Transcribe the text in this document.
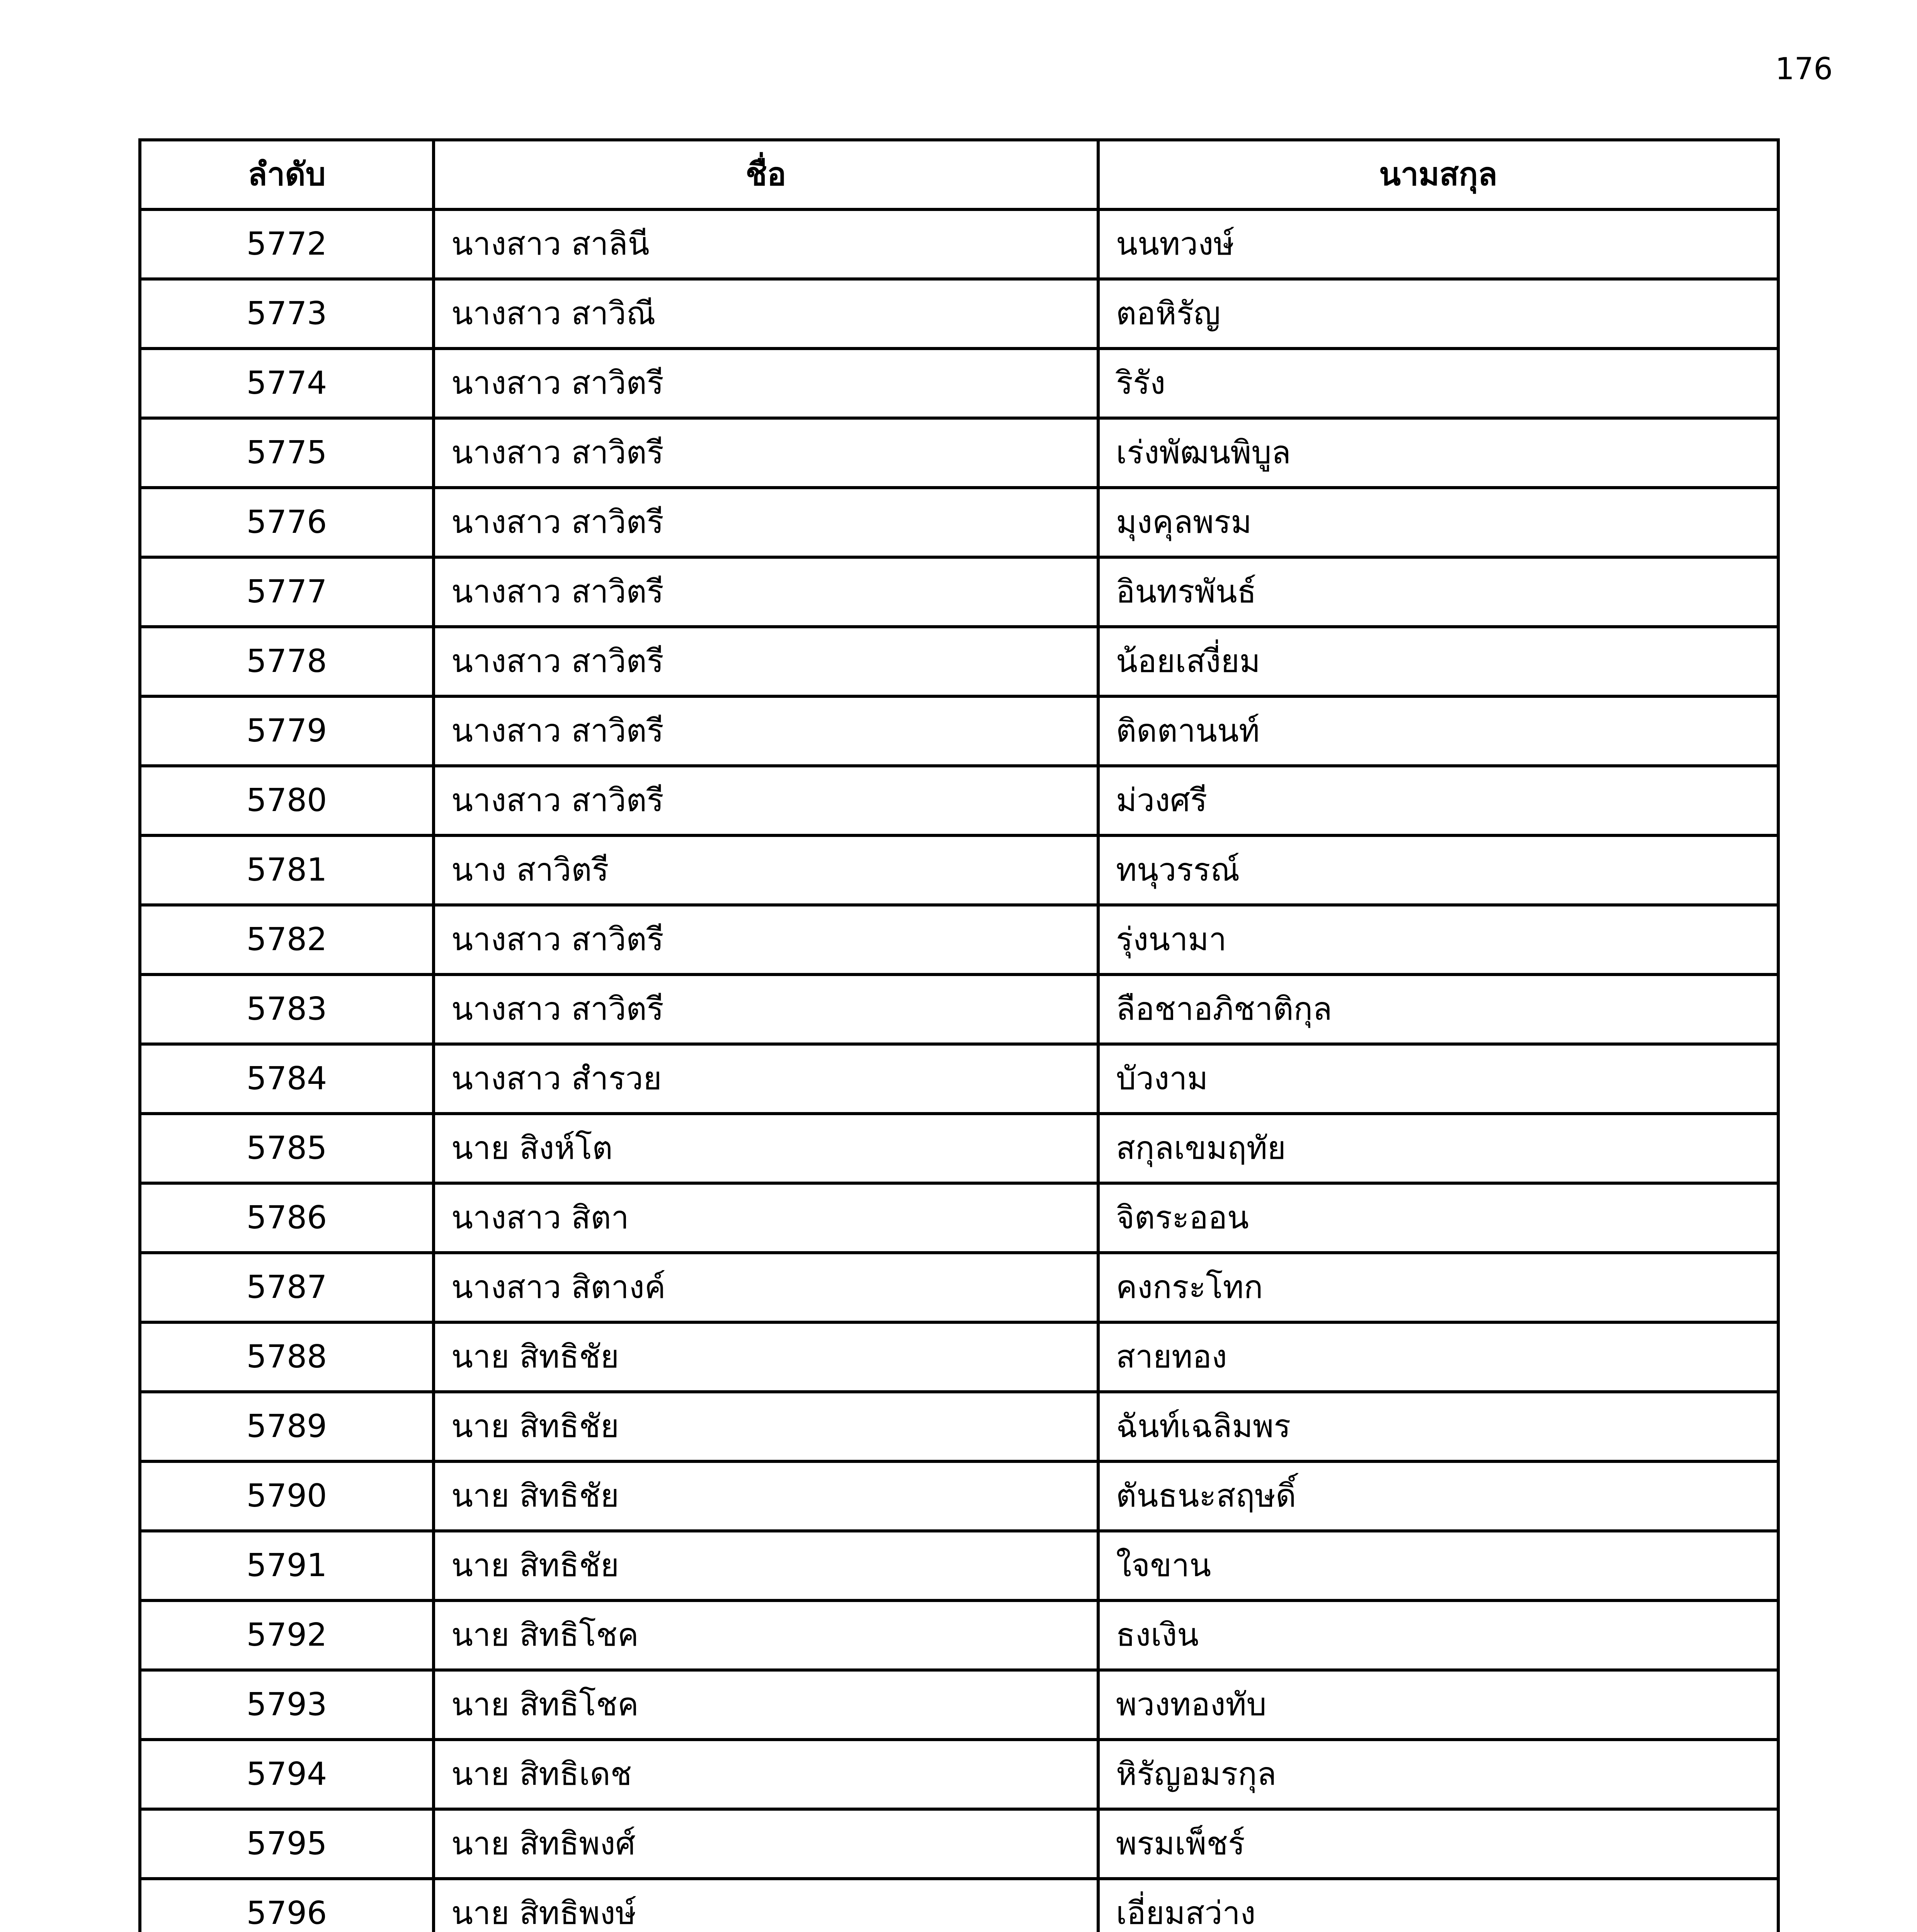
176
ลำดับ	ชื่อ	นามสกุล
5772	นางสาว สาลินี	นนทวงษ์
5773	นางสาว สาวิณี	ตอหิรัญ
5774	นางสาว สาวิตรี	ริรัง
5775	นางสาว สาวิตรี	เร่งพัฒนพิบูล
5776	นางสาว สาวิตรี	มุงคุลพรม
5777	นางสาว สาวิตรี	อินทรพันธ์
5778	นางสาว สาวิตรี	น้อยเสงี่ยม
5779	นางสาว สาวิตรี	ติดตานนท์
5780	นางสาว สาวิตรี	ม่วงศรี
5781	นาง สาวิตรี	ทนุวรรณ์
5782	นางสาว สาวิตรี	รุ่งนามา
5783	นางสาว สาวิตรี	ลือชาอภิชาติกุล
5784	นางสาว สำรวย	บัวงาม
5785	นาย สิงห์โต	สกุลเขมฤทัย
5786	นางสาว สิตา	จิตระออน
5787	นางสาว สิตางค์	คงกระโทก
5788	นาย สิทธิชัย	สายทอง
5789	นาย สิทธิชัย	ฉันท์เฉลิมพร
5790	นาย สิทธิชัย	ตันธนะสฤษดิ์
5791	นาย สิทธิชัย	ใจขาน
5792	นาย สิทธิโชค	ธงเงิน
5793	นาย สิทธิโชค	พวงทองทับ
5794	นาย สิทธิเดช	หิรัญอมรกุล
5795	นาย สิทธิพงศ์	พรมเพ็ชร์
5796	นาย สิทธิพงษ์	เอี่ยมสว่าง
